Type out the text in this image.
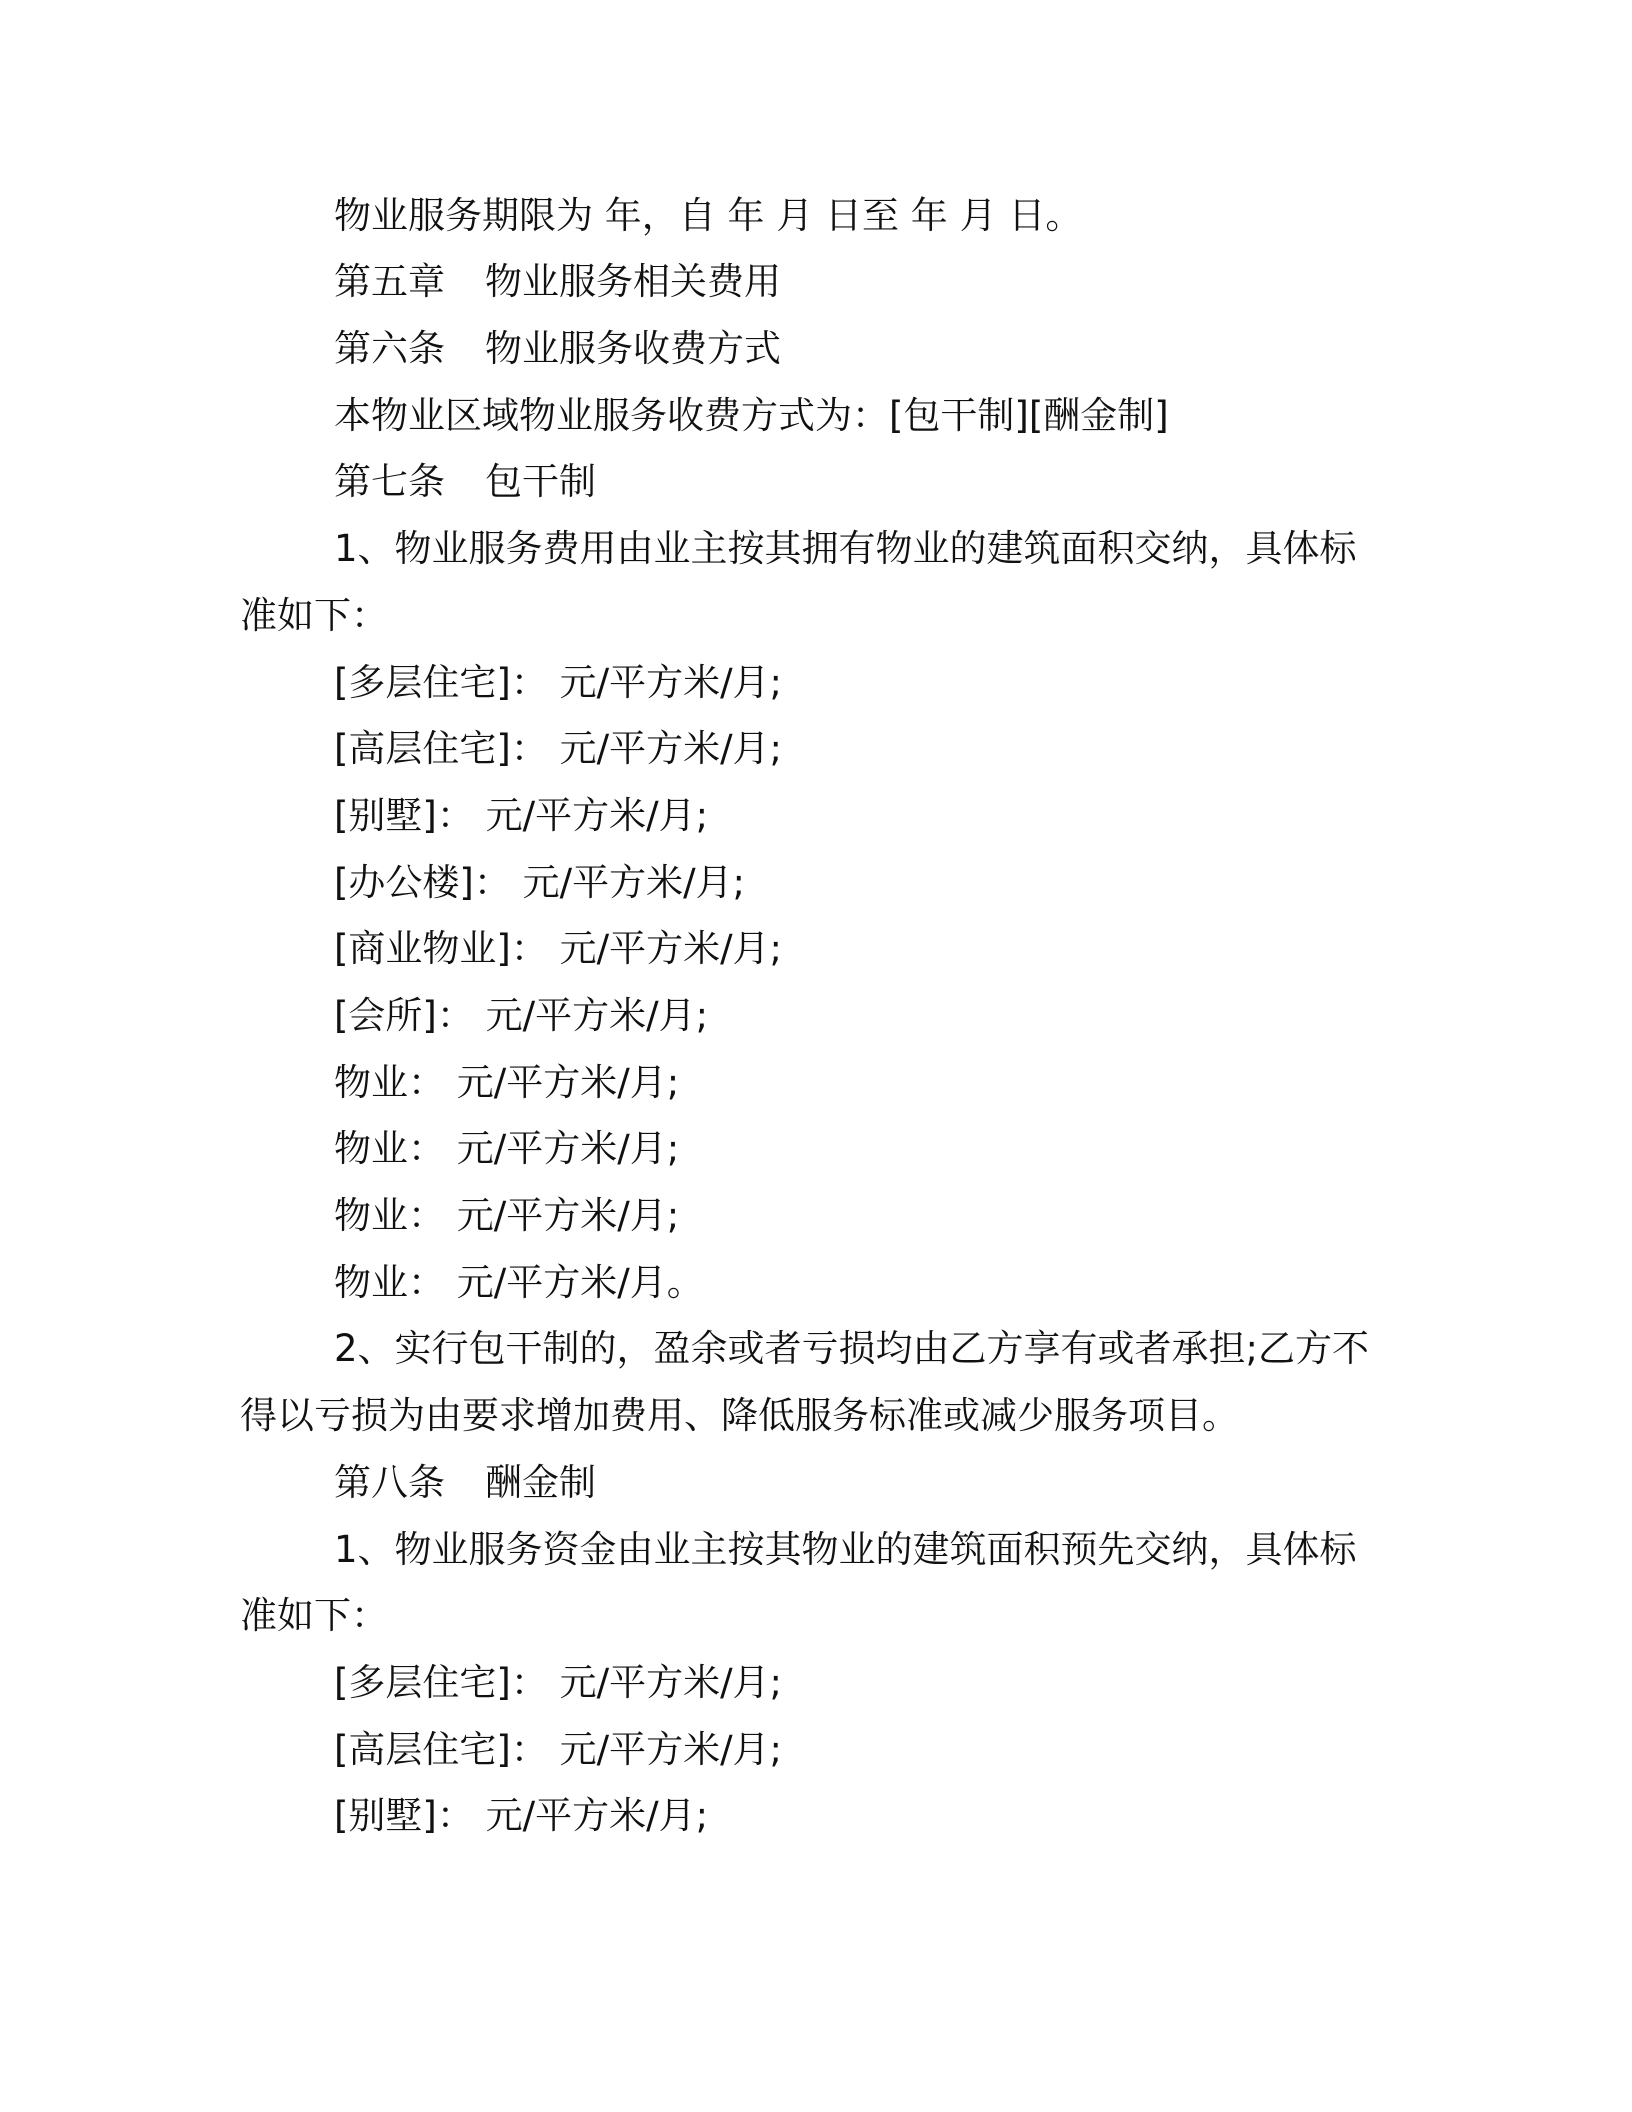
物业服务期限为 年，自 年 月 日至 年 月 日。
第五章 物业服务相关费用
第六条 物业服务收费方式
本物业区域物业服务收费方式为：[包干制][酬金制]
第七条 包干制
1、物业服务费用由业主按其拥有物业的建筑面积交纳，具体标
准如下：
[多层住宅]： 元/平方米/月;
[高层住宅]： 元/平方米/月;
[别墅]： 元/平方米/月;
[办公楼]： 元/平方米/月;
[商业物业]： 元/平方米/月;
[会所]： 元/平方米/月;
物业： 元/平方米/月;
物业： 元/平方米/月;
物业： 元/平方米/月;
物业： 元/平方米/月。
2、实行包干制的，盈余或者亏损均由乙方享有或者承担;乙方不
得以亏损为由要求增加费用、降低服务标准或减少服务项目。
第八条 酬金制
1、物业服务资金由业主按其物业的建筑面积预先交纳，具体标
准如下：
[多层住宅]： 元/平方米/月;
[高层住宅]： 元/平方米/月;
[别墅]： 元/平方米/月;
